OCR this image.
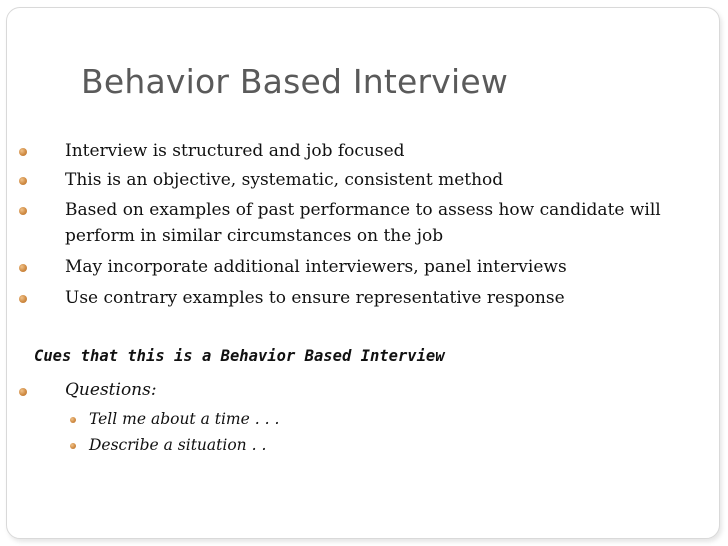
Behavior Based Interview
Interview is structured and job focused
This is an objective, systematic, consistent method
Based on examples of past performance to assess how candidate will
perform in similar circumstances on the job
May incorporate additional interviewers, panel interviews
Use contrary examples to ensure representative response
Cues that this is a Behavior Based Interview
Questions:
Tell me about a time . . .
Describe a situation . .
